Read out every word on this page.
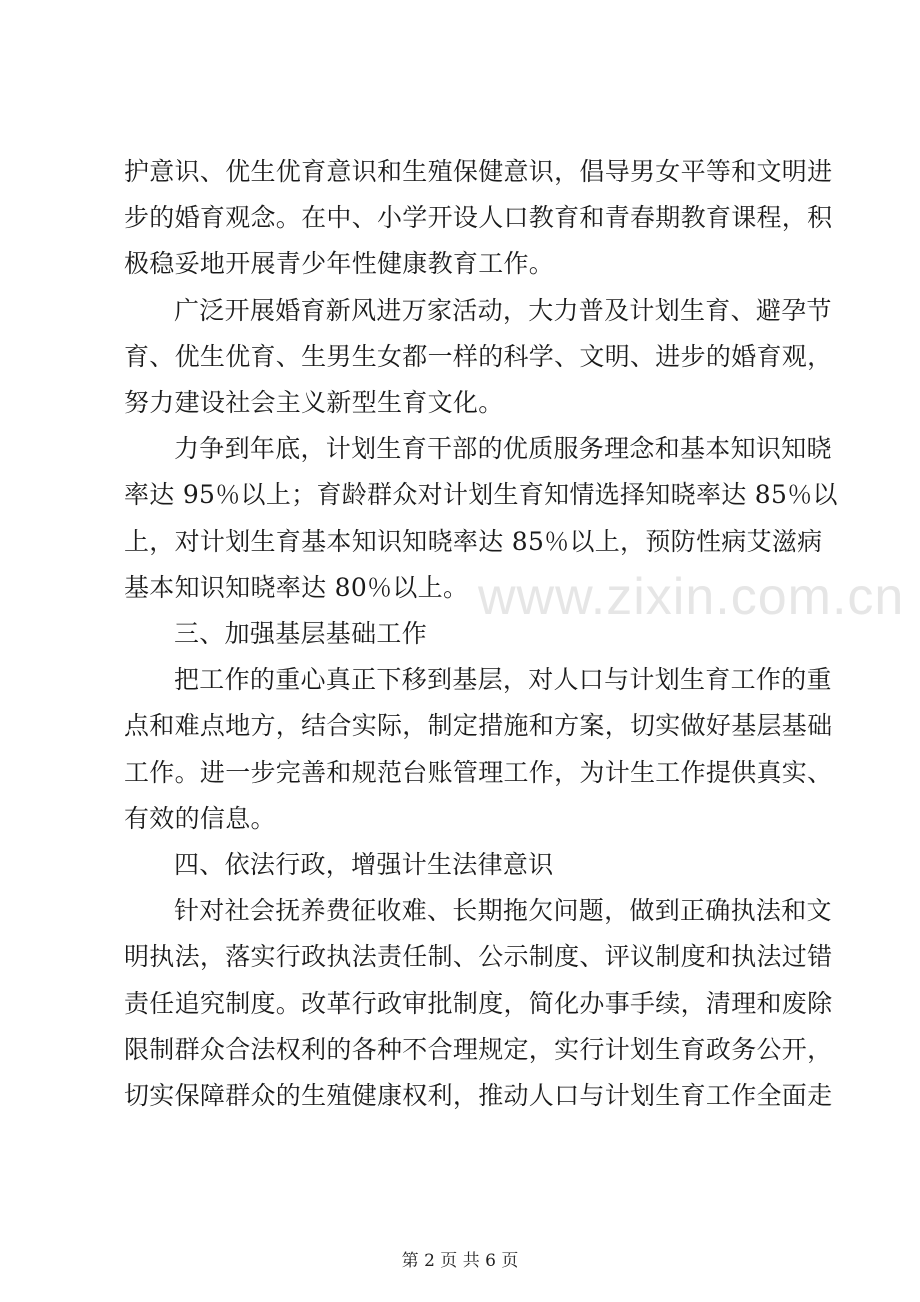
护意识、优生优育意识和生殖保健意识，倡导男女平等和文明进
步的婚育观念。在中、小学开设人口教育和青春期教育课程，积
极稳妥地开展青少年性健康教育工作。
广泛开展婚育新风进万家活动，大力普及计划生育、避孕节
育、优生优育、生男生女都一样的科学、文明、进步的婚育观，
努力建设社会主义新型生育文化。
力争到年底，计划生育干部的优质服务理念和基本知识知晓
率达 95％以上；育龄群众对计划生育知情选择知晓率达 85％以
上，对计划生育基本知识知晓率达 85％以上，预防性病艾滋病
基本知识知晓率达 80％以上。
三、加强基层基础工作
把工作的重心真正下移到基层，对人口与计划生育工作的重
点和难点地方，结合实际，制定措施和方案，切实做好基层基础
工作。进一步完善和规范台账管理工作，为计生工作提供真实、
有效的信息。
四、依法行政，增强计生法律意识
针对社会抚养费征收难、长期拖欠问题，做到正确执法和文
明执法，落实行政执法责任制、公示制度、评议制度和执法过错
责任追究制度。改革行政审批制度，简化办事手续，清理和废除
限制群众合法权利的各种不合理规定，实行计划生育政务公开，
切实保障群众的生殖健康权利，推动人口与计划生育工作全面走
www.zixin.com.cn
第 2 页 共 6 页
